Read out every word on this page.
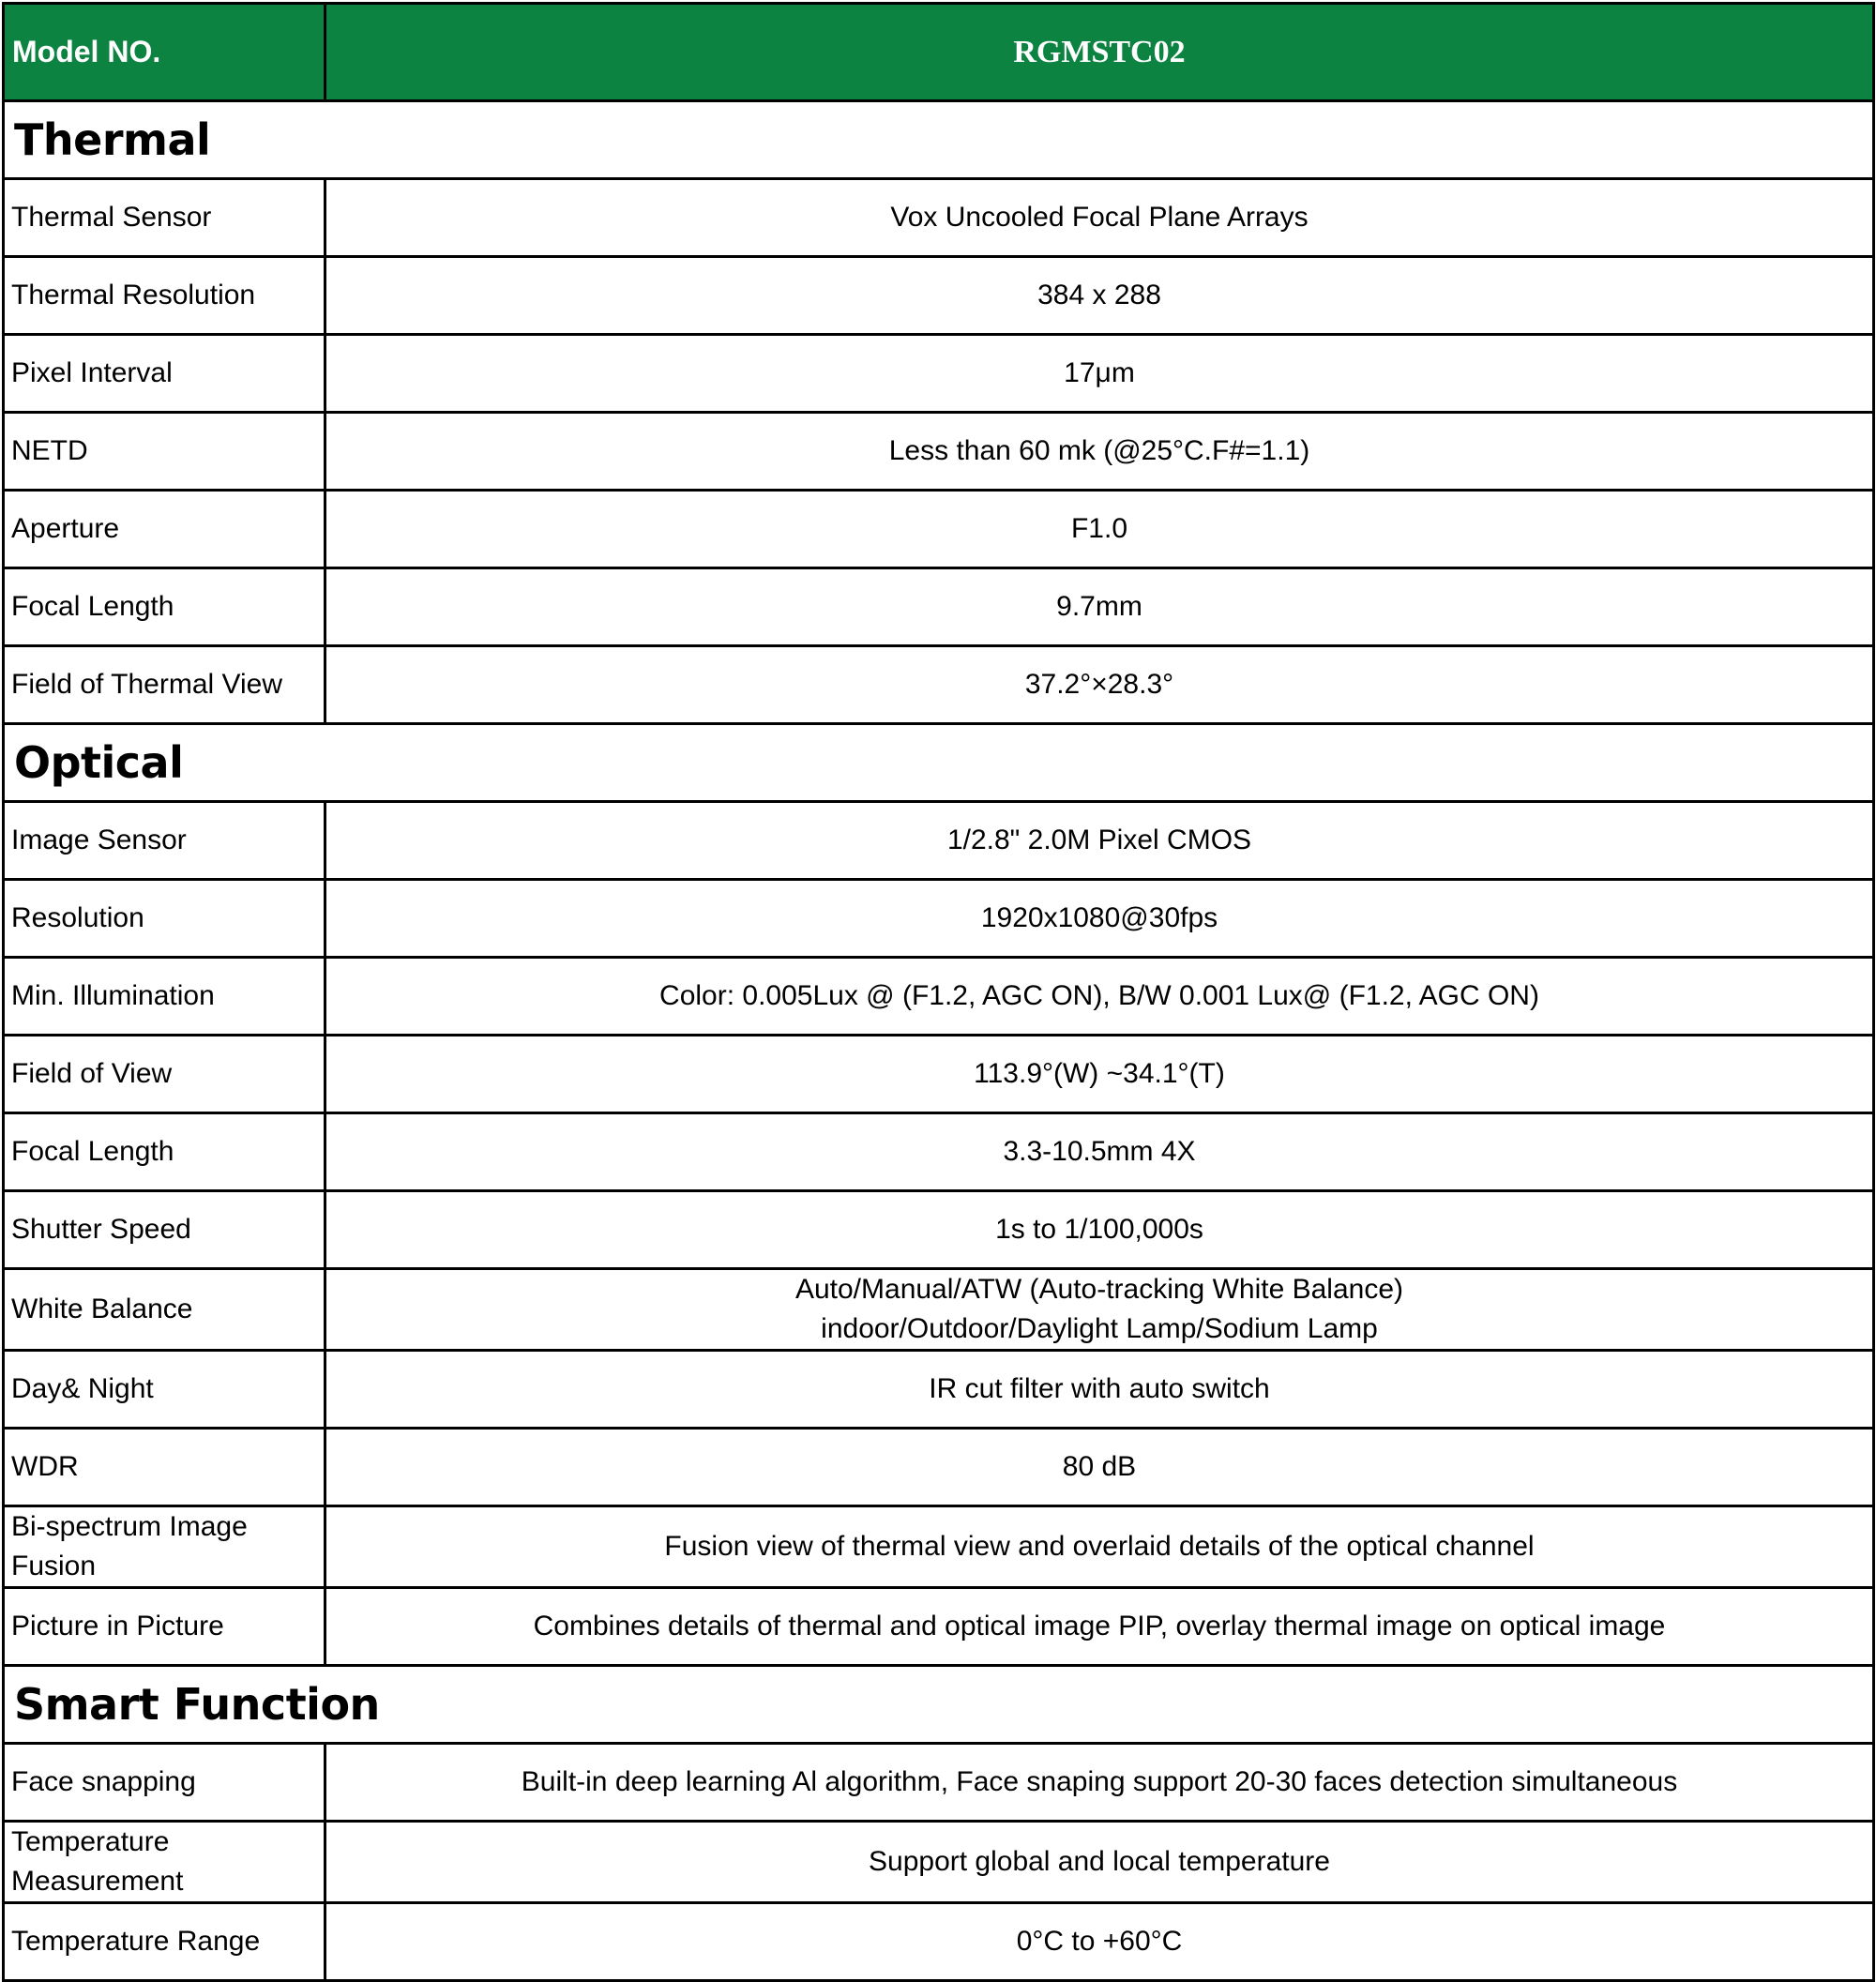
Model NO.	RGMSTC02
Thermal	
Thermal Sensor	Vox Uncooled Focal Plane Arrays

Thermal Resolution	384 x 288

Pixel Interval	17μm

NETD	Less than 60 mk (@25°C.F#=1.1)

Aperture	F1.0

Focal Length	9.7mm

Field of Thermal View	37.2°×28.3°

Optical	
Image Sensor	1/2.8" 2.0M Pixel CMOS

Resolution	1920x1080@30fps

Min. Illumination	Color: 0.005Lux @ (F1.2, AGC ON), B/W 0.001 Lux@ (F1.2, AGC ON)

Field of View	113.9°(W) ~34.1°(T)

Focal Length	3.3-10.5mm 4X

Shutter Speed	1s to 1/100,000s

White Balance	Auto/Manual/ATW (Auto-tracking White Balance)
indoor/Outdoor/Daylight Lamp/Sodium Lamp

Day& Night	IR cut filter with auto switch

WDR	80 dB

Bi-spectrum Image Fusion	Fusion view of thermal view and overlaid details of the optical channel

Picture in Picture	Combines details of thermal and optical image PIP, overlay thermal image on optical image

Smart Function	
Face snapping	Built-in deep learning Al algorithm, Face snaping support 20-30 faces detection simultaneous

Temperature Measurement	Support global and local temperature

Temperature Range	0°C to +60°C
